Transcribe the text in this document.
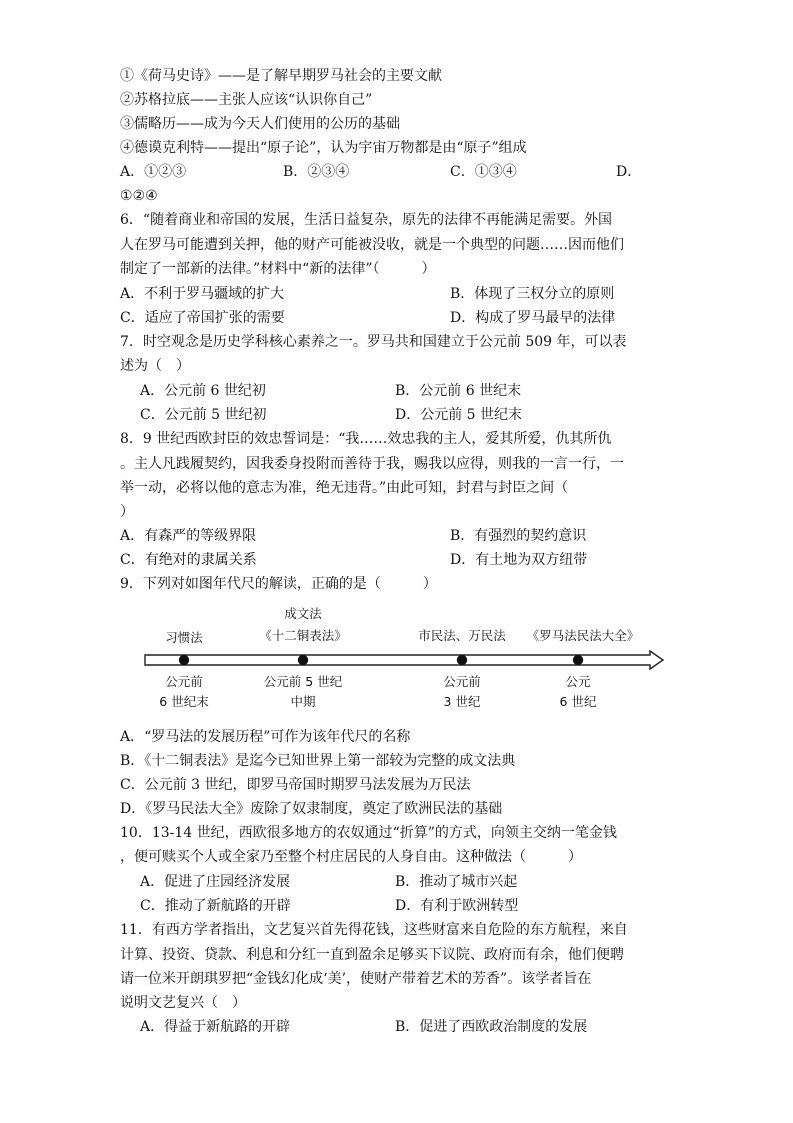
①《荷马史诗》——是了解早期罗马社会的主要文献
②苏格拉底——主张人应该“认识你自己”
③儒略历——成为今天人们使用的公历的基础
④德谟克利特——提出“原子论”，认为宇宙万物都是由“原子”组成
A．①②③	B．②③④	C．①③④	D．
①②④
6．“随着商业和帝国的发展，生活日益复杂，原先的法律不再能满足需要。外国
人在罗马可能遭到关押，他的财产可能被没收，就是一个典型的问题……因而他们
制定了一部新的法律。”材料中“新的法律”（　　　）
A．不利于罗马疆域的扩大	B．体现了三权分立的原则
C．适应了帝国扩张的需要	D．构成了罗马最早的法律
7．时空观念是历史学科核心素养之一。罗马共和国建立于公元前 509 年，可以表
述为（　）
A．公元前 6 世纪初	B．公元前 6 世纪末
C．公元前 5 世纪初	D．公元前 5 世纪末
8．9 世纪西欧封臣的效忠誓词是：“我……效忠我的主人，爱其所爱，仇其所仇
。主人凡践履契约，因我委身投附而善待于我，赐我以应得，则我的一言一行，一
举一动，必将以他的意志为准，绝无违背。”由此可知，封君与封臣之间（
）
A．有森严的等级界限	B．有强烈的契约意识
C．有绝对的隶属关系	D．有土地为双方纽带
9．下列对如图年代尺的解读，正确的是（　　　）
习惯法
成文法
《十二铜表法》	市民法、万民法	《罗马法民法大全》
公元前
6 世纪末
公元前 5 世纪
中期
公元前
3 世纪
公元
6 世纪
A．“罗马法的发展历程”可作为该年代尺的名称
B．《十二铜表法》是迄今已知世界上第一部较为完整的成文法典
C．公元前 3 世纪，即罗马帝国时期罗马法发展为万民法
D．《罗马民法大全》废除了奴隶制度，奠定了欧洲民法的基础
10．13-14 世纪，西欧很多地方的农奴通过“折算”的方式，向领主交纳一笔金钱
，便可赎买个人或全家乃至整个村庄居民的人身自由。这种做法（　　　）
A．促进了庄园经济发展	B．推动了城市兴起
C．推动了新航路的开辟	D．有利于欧洲转型
11．有西方学者指出，文艺复兴首先得花钱，这些财富来自危险的东方航程，来自
计算、投资、贷款、利息和分红一直到盈余足够买下议院、政府而有余，他们便聘
请一位米开朗琪罗把“金钱幻化成‘美’，使财产带着艺术的芳香”。该学者旨在
说明文艺复兴（　）
A．得益于新航路的开辟	B．促进了西欧政治制度的发展
